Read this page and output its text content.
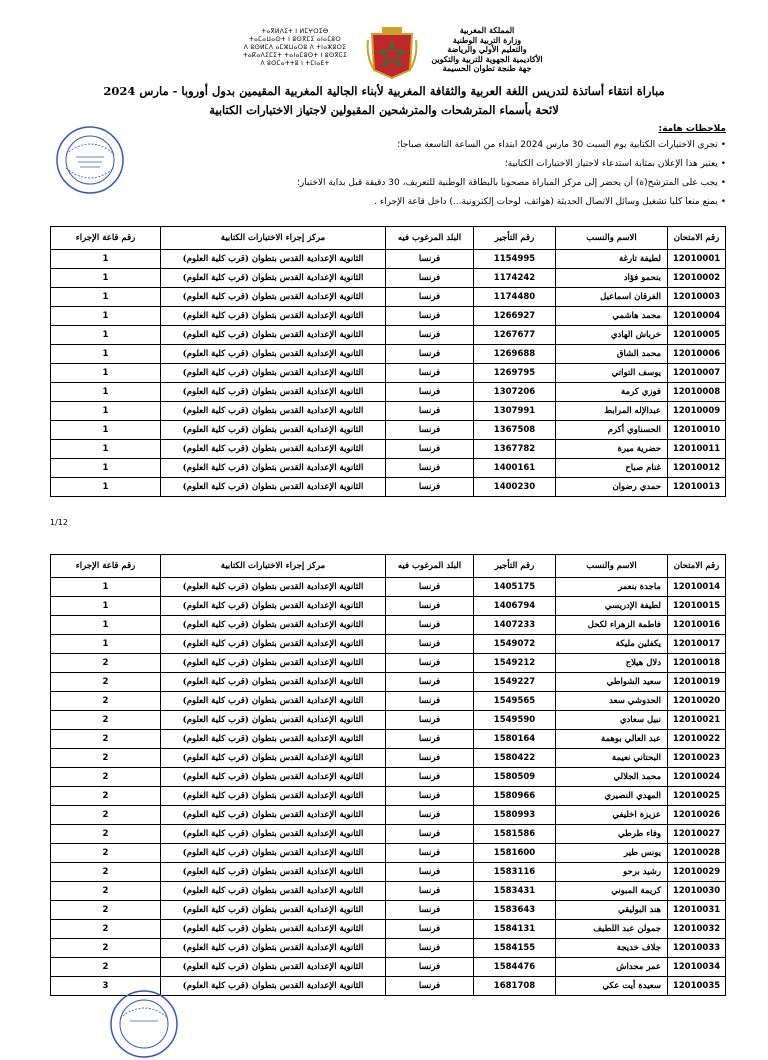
ⵜⴰⴳⵍⴷⵉⵜ ⵏ ⵍⵎⵖⵔⵉⴱ
ⵜⴰⵎⴰⵡⴰⵙⵜ ⵏ ⵓⵙⴳⵎⵉ ⴰⵏⴰⵎⵓⵔ
ⴷ ⵓⵙⵍⵎⴷ ⴰⵎⵣⵡⴰⵔⵓ ⴷ ⵜⵏⴰⵣⵓⵔⵉ
ⵜⴰⴽⴰⴷⵉⵎⵉⵜ ⵜⴰⵏⴰⵎⵓⵔⵜ ⵏ ⵓⵙⴳⵎⵉ
ⴷ ⵓⵙⵎⴰⵜⵜⵓ ⵏ ⵜⵎⵏⴰⴹⵜ
المملكة المغربية
وزارة التربية الوطنية
والتعليم الأولي والرياضة
الأكاديمية الجهوية للتربية والتكوين
جهة طنجة تطوان الحسيمة
مباراة انتقاء أساتذة لتدريس اللغة العربية والثقافة المغربية لأبناء الجالية المغربية المقيمين بدول أوروبا - مارس 2024
لائحة بأسماء المترشحات والمترشحين المقبولين لاجتياز الاختبارات الكتابية
ملاحظات هامة:
• تجرى الاختبارات الكتابية يوم السبت 30 مارس 2024 ابتداء من الساعة التاسعة صباحا؛
• يعتبر هذا الإعلان بمثابة استدعاء لاجتياز الاختبارات الكتابية؛
• يجب على المترشح(ة) أن يحضر إلى مركز المباراة مصحوبا بالبطاقة الوطنية للتعريف، 30 دقيقة قبل بداية الاختبار؛
• يمنع منعا كليا تشغيل وسائل الاتصال الحديثة (هواتف، لوحات إلكترونية...) داخل قاعة الإجراء .
رقم الامتحان	الاسم والنسب	رقم التأجير	البلد المرغوب فيه	مركز إجراء الاختبارات الكتابية	رقم قاعة الإجراء
12010001	لطيفة تارغة	1154995	فرنسا	الثانوية الإعدادية القدس بتطوان (قرب كلية العلوم)	1
12010002	بنحمو فؤاد	1174242	فرنسا	الثانوية الإعدادية القدس بتطوان (قرب كلية العلوم)	1
12010003	الفرقان اسماعيل	1174480	فرنسا	الثانوية الإعدادية القدس بتطوان (قرب كلية العلوم)	1
12010004	محمد هاشمي	1266927	فرنسا	الثانوية الإعدادية القدس بتطوان (قرب كلية العلوم)	1
12010005	خرباش الهادي	1267677	فرنسا	الثانوية الإعدادية القدس بتطوان (قرب كلية العلوم)	1
12010006	محمد الشاق	1269688	فرنسا	الثانوية الإعدادية القدس بتطوان (قرب كلية العلوم)	1
12010007	يوسف التواتي	1269795	فرنسا	الثانوية الإعدادية القدس بتطوان (قرب كلية العلوم)	1
12010008	فوزي كرمة	1307206	فرنسا	الثانوية الإعدادية القدس بتطوان (قرب كلية العلوم)	1
12010009	عبدالإله المرابط	1307991	فرنسا	الثانوية الإعدادية القدس بتطوان (قرب كلية العلوم)	1
12010010	الحسناوي أكرم	1367508	فرنسا	الثانوية الإعدادية القدس بتطوان (قرب كلية العلوم)	1
12010011	حضرية ميرة	1367782	فرنسا	الثانوية الإعدادية القدس بتطوان (قرب كلية العلوم)	1
12010012	غنام صباح	1400161	فرنسا	الثانوية الإعدادية القدس بتطوان (قرب كلية العلوم)	1
12010013	حمدي رضوان	1400230	فرنسا	الثانوية الإعدادية القدس بتطوان (قرب كلية العلوم)	1
1/12
رقم الامتحان	الاسم والنسب	رقم التأجير	البلد المرغوب فيه	مركز إجراء الاختبارات الكتابية	رقم قاعة الإجراء
12010014	ماجدة بنعمر	1405175	فرنسا	الثانوية الإعدادية القدس بتطوان (قرب كلية العلوم)	1
12010015	لطيفة الإدريسي	1406794	فرنسا	الثانوية الإعدادية القدس بتطوان (قرب كلية العلوم)	1
12010016	فاطمة الزهراء لكحل	1407233	فرنسا	الثانوية الإعدادية القدس بتطوان (قرب كلية العلوم)	1
12010017	يكفلين مليكة	1549072	فرنسا	الثانوية الإعدادية القدس بتطوان (قرب كلية العلوم)	1
12010018	دلال هيلاج	1549212	فرنسا	الثانوية الإعدادية القدس بتطوان (قرب كلية العلوم)	2
12010019	سعيد الشواطي	1549227	فرنسا	الثانوية الإعدادية القدس بتطوان (قرب كلية العلوم)	2
12010020	الحدوشي سعد	1549565	فرنسا	الثانوية الإعدادية القدس بتطوان (قرب كلية العلوم)	2
12010021	نبيل سعادي	1549590	فرنسا	الثانوية الإعدادية القدس بتطوان (قرب كلية العلوم)	2
12010022	عبد العالي بوهمة	1580164	فرنسا	الثانوية الإعدادية القدس بتطوان (قرب كلية العلوم)	2
12010023	البحتاني نعيمة	1580422	فرنسا	الثانوية الإعدادية القدس بتطوان (قرب كلية العلوم)	2
12010024	محمد الجلالي	1580509	فرنسا	الثانوية الإعدادية القدس بتطوان (قرب كلية العلوم)	2
12010025	المهدي النصيري	1580966	فرنسا	الثانوية الإعدادية القدس بتطوان (قرب كلية العلوم)	2
12010026	عزيزة اخليفي	1580993	فرنسا	الثانوية الإعدادية القدس بتطوان (قرب كلية العلوم)	2
12010027	وفاء طرطي	1581586	فرنسا	الثانوية الإعدادية القدس بتطوان (قرب كلية العلوم)	2
12010028	يونس طير	1581600	فرنسا	الثانوية الإعدادية القدس بتطوان (قرب كلية العلوم)	2
12010029	رشيد برحو	1583116	فرنسا	الثانوية الإعدادية القدس بتطوان (قرب كلية العلوم)	2
12010030	كريمة المبوني	1583431	فرنسا	الثانوية الإعدادية القدس بتطوان (قرب كلية العلوم)	2
12010031	هند البوليقي	1583643	فرنسا	الثانوية الإعدادية القدس بتطوان (قرب كلية العلوم)	2
12010032	جمولن عبد اللطيف	1584131	فرنسا	الثانوية الإعدادية القدس بتطوان (قرب كلية العلوم)	2
12010033	جلاف خديجة	1584155	فرنسا	الثانوية الإعدادية القدس بتطوان (قرب كلية العلوم)	2
12010034	عمر محداش	1584476	فرنسا	الثانوية الإعدادية القدس بتطوان (قرب كلية العلوم)	2
12010035	سعيدة أيت عكي	1681708	فرنسا	الثانوية الإعدادية القدس بتطوان (قرب كلية العلوم)	3
